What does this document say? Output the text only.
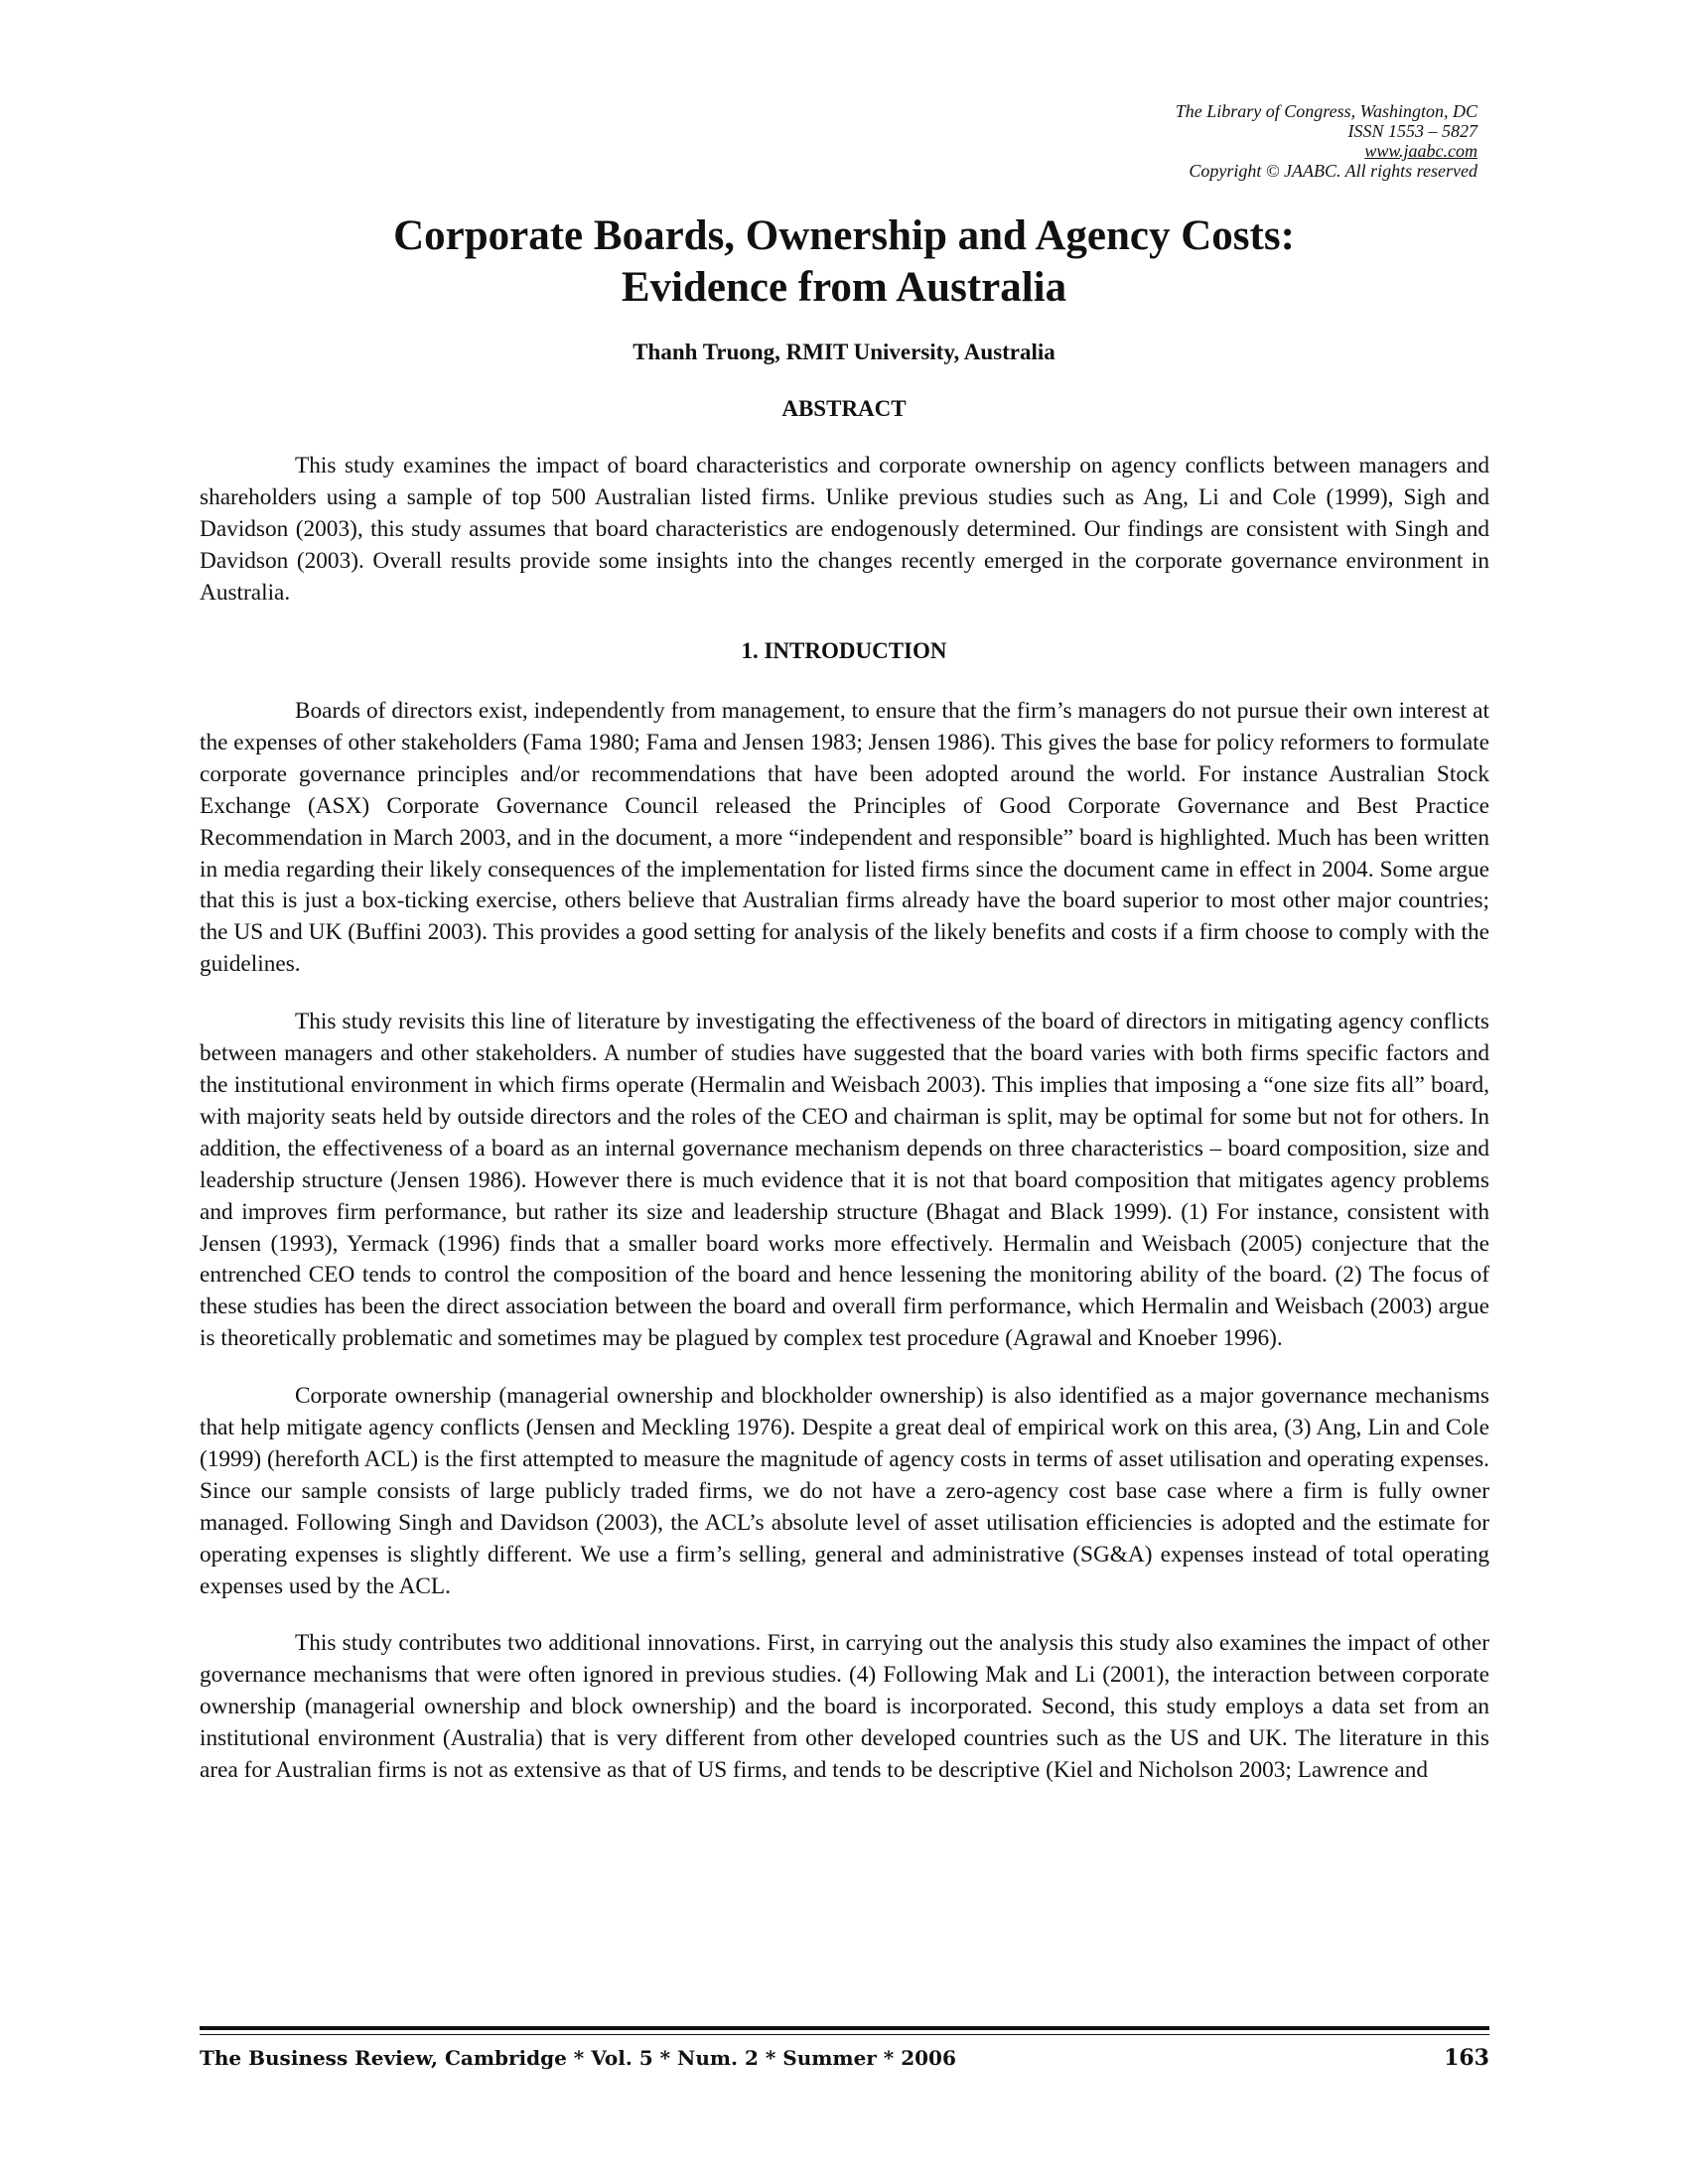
The Library of Congress, Washington, DC
ISSN 1553 – 5827
www.jaabc.com
Copyright © JAABC. All rights reserved
Corporate Boards, Ownership and Agency Costs:
Evidence from Australia
Thanh Truong, RMIT University, Australia
ABSTRACT

This study examines the impact of board characteristics and corporate ownership on agency conflicts between managers and shareholders using a sample of top 500 Australian listed firms. Unlike previous studies such as Ang, Li and Cole (1999), Sigh and Davidson (2003), this study assumes that board characteristics are endogenously determined. Our findings are consistent with Singh and Davidson (2003). Overall results provide some insights into the changes recently emerged in the corporate governance environment in Australia.

1. INTRODUCTION

Boards of directors exist, independently from management, to ensure that the firm’s managers do not pursue their own interest at the expenses of other stakeholders (Fama 1980; Fama and Jensen 1983; Jensen 1986). This gives the base for policy reformers to formulate corporate governance principles and/or recommendations that have been adopted around the world. For instance Australian Stock Exchange (ASX) Corporate Governance Council released the Principles of Good Corporate Governance and Best Practice Recommendation in March 2003, and in the document, a more “independent and responsible” board is highlighted. Much has been written in media regarding their likely consequences of the implementation for listed firms since the document came in effect in 2004. Some argue that this is just a box-ticking exercise, others believe that Australian firms already have the board superior to most other major countries; the US and UK (Buffini 2003). This provides a good setting for analysis of the likely benefits and costs if a firm choose to comply with the guidelines.

This study revisits this line of literature by investigating the effectiveness of the board of directors in mitigating agency conflicts between managers and other stakeholders. A number of studies have suggested that the board varies with both firms specific factors and the institutional environment in which firms operate (Hermalin and Weisbach 2003). This implies that imposing a “one size fits all” board, with majority seats held by outside directors and the roles of the CEO and chairman is split, may be optimal for some but not for others. In addition, the effectiveness of a board as an internal governance mechanism depends on three characteristics – board composition, size and leadership structure (Jensen 1986). However there is much evidence that it is not that board composition that mitigates agency problems and improves firm performance, but rather its size and leadership structure (Bhagat and Black 1999). (1) For instance, consistent with Jensen (1993), Yermack (1996) finds that a smaller board works more effectively. Hermalin and Weisbach (2005) conjecture that the entrenched CEO tends to control the composition of the board and hence lessening the monitoring ability of the board. (2) The focus of these studies has been the direct association between the board and overall firm performance, which Hermalin and Weisbach (2003) argue is theoretically problematic and sometimes may be plagued by complex test procedure (Agrawal and Knoeber 1996).

Corporate ownership (managerial ownership and blockholder ownership) is also identified as a major governance mechanisms that help mitigate agency conflicts (Jensen and Meckling 1976). Despite a great deal of empirical work on this area, (3) Ang, Lin and Cole (1999) (hereforth ACL) is the first attempted to measure the magnitude of agency costs in terms of asset utilisation and operating expenses. Since our sample consists of large publicly traded firms, we do not have a zero-agency cost base case where a firm is fully owner managed. Following Singh and Davidson (2003), the ACL’s absolute level of asset utilisation efficiencies is adopted and the estimate for operating expenses is slightly different. We use a firm’s selling, general and administrative (SG&A) expenses instead of total operating expenses used by the ACL.

This study contributes two additional innovations. First, in carrying out the analysis this study also examines the impact of other governance mechanisms that were often ignored in previous studies. (4) Following Mak and Li (2001), the interaction between corporate ownership (managerial ownership and block ownership) and the board is incorporated. Second, this study employs a data set from an institutional environment (Australia) that is very different from other developed countries such as the US and UK. The literature in this area for Australian firms is not as extensive as that of US firms, and tends to be descriptive (Kiel and Nicholson 2003; Lawrence and

The Business Review, Cambridge * Vol. 5 * Num. 2 * Summer * 2006	163
